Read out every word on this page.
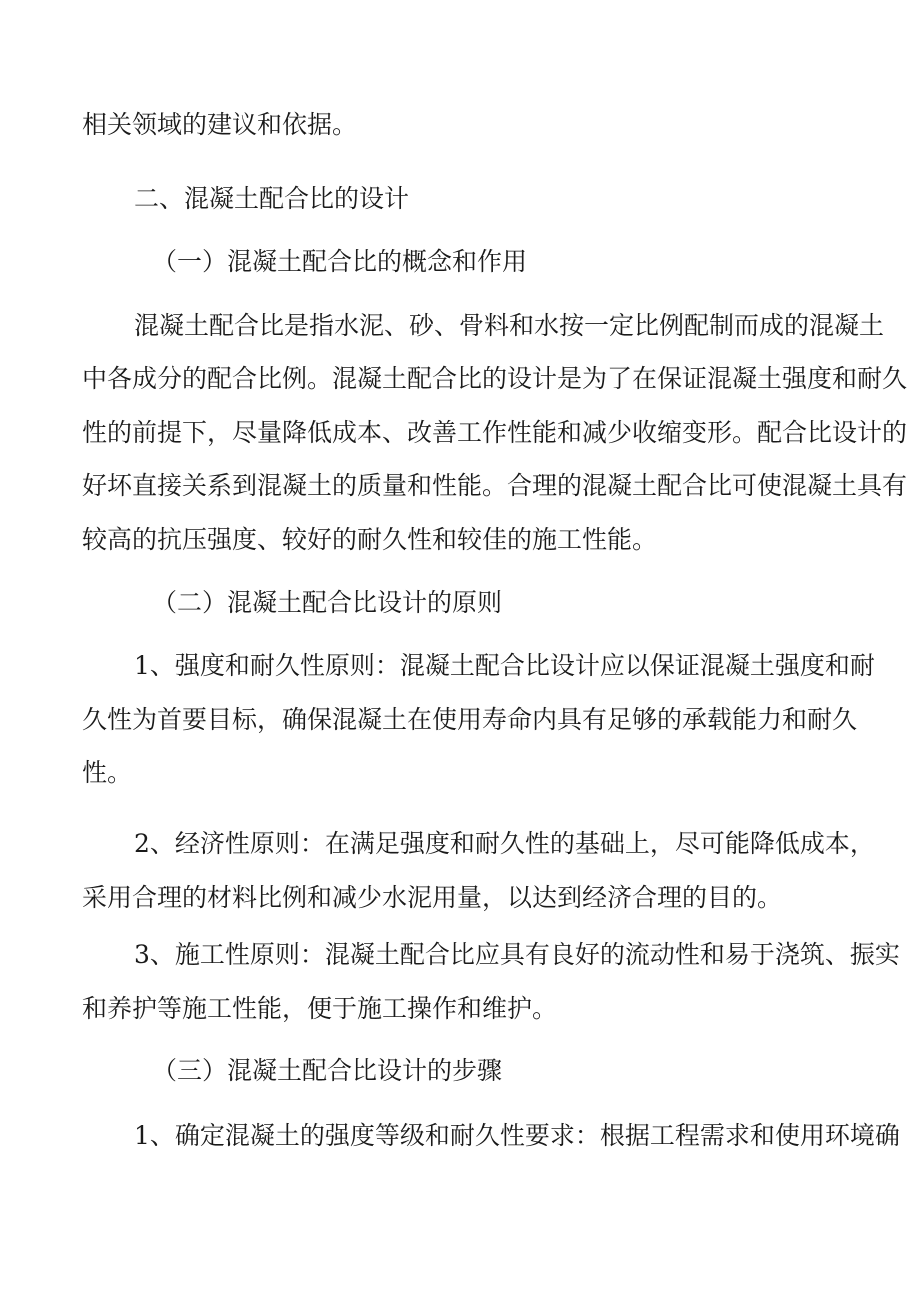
相关领域的建议和依据。
二、混凝土配合比的设计
（一）混凝土配合比的概念和作用
混凝土配合比是指水泥、砂、骨料和水按一定比例配制而成的混凝土
中各成分的配合比例。混凝土配合比的设计是为了在保证混凝土强度和耐久
性的前提下，尽量降低成本、改善工作性能和减少收缩变形。配合比设计的
好坏直接关系到混凝土的质量和性能。合理的混凝土配合比可使混凝土具有
较高的抗压强度、较好的耐久性和较佳的施工性能。
（二）混凝土配合比设计的原则
1、强度和耐久性原则：混凝土配合比设计应以保证混凝土强度和耐
久性为首要目标，确保混凝土在使用寿命内具有足够的承载能力和耐久
性。
2、经济性原则：在满足强度和耐久性的基础上，尽可能降低成本，
采用合理的材料比例和减少水泥用量，以达到经济合理的目的。
3、施工性原则：混凝土配合比应具有良好的流动性和易于浇筑、振实
和养护等施工性能，便于施工操作和维护。
（三）混凝土配合比设计的步骤
1、确定混凝土的强度等级和耐久性要求：根据工程需求和使用环境确
